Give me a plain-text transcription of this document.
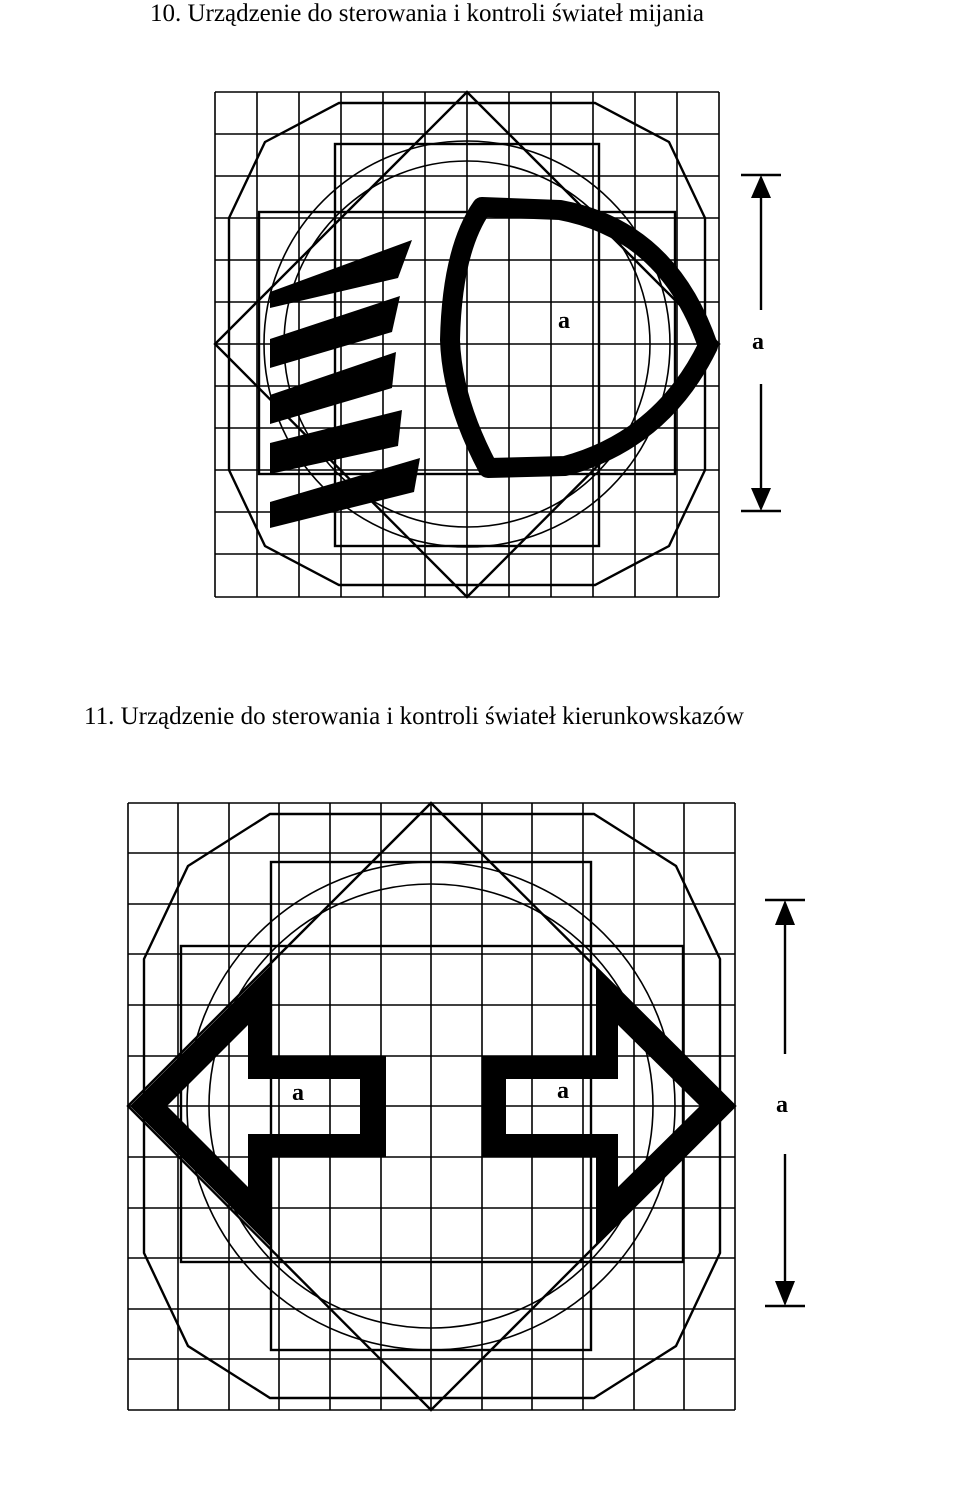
10. Urządzenie do sterowania i kontroli świateł mijania
a
a
11. Urządzenie do sterowania i kontroli świateł kierunkowskazów
a	a
a
